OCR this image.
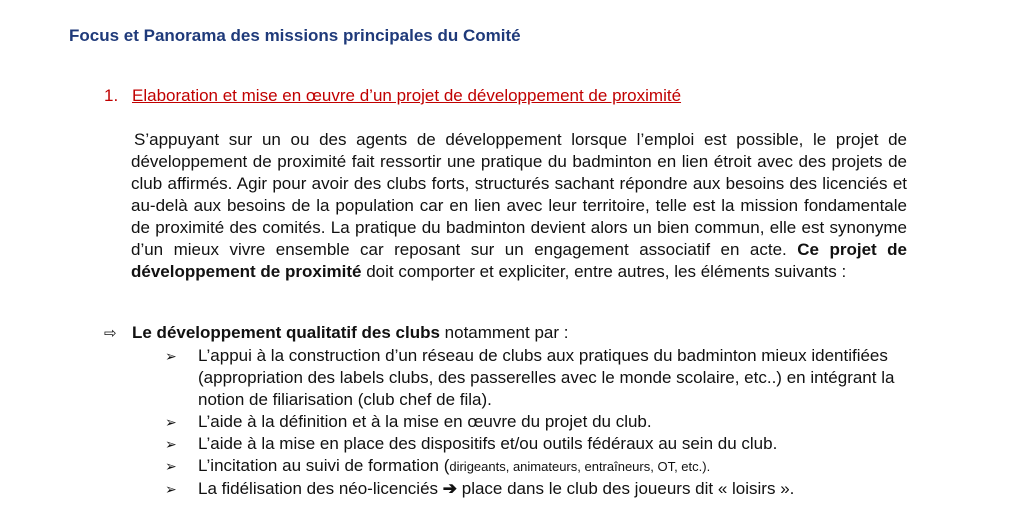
Focus et Panorama des missions principales du Comité
1. Elaboration et mise en œuvre d’un projet de développement de proximité
S’appuyant sur un ou des agents de développement lorsque l’emploi est possible, le projet de développement de proximité fait ressortir une pratique du badminton en lien étroit avec des projets de club affirmés. Agir pour avoir des clubs forts, structurés sachant répondre aux besoins des licenciés et au-delà aux besoins de la population car en lien avec leur territoire, telle est la mission fondamentale de proximité des comités. La pratique du badminton devient alors un bien commun, elle est synonyme d’un mieux vivre ensemble car reposant sur un engagement associatif en acte. Ce projet de développement de proximité doit comporter et expliciter, entre autres, les éléments suivants :
⇨ Le développement qualitatif des clubs notamment par :
➢ L’appui à la construction d’un réseau de clubs aux pratiques du badminton mieux identifiées (appropriation des labels clubs, des passerelles avec le monde scolaire, etc..) en intégrant la notion de filiarisation (club chef de fila).
➢ L’aide à la définition et à la mise en œuvre du projet du club.
➢ L’aide à la mise en place des dispositifs et/ou outils fédéraux au sein du club.
➢ L’incitation au suivi de formation (dirigeants, animateurs, entraîneurs, OT, etc.).
➢ La fidélisation des néo-licenciés ➔ place dans le club des joueurs dit « loisirs ».
